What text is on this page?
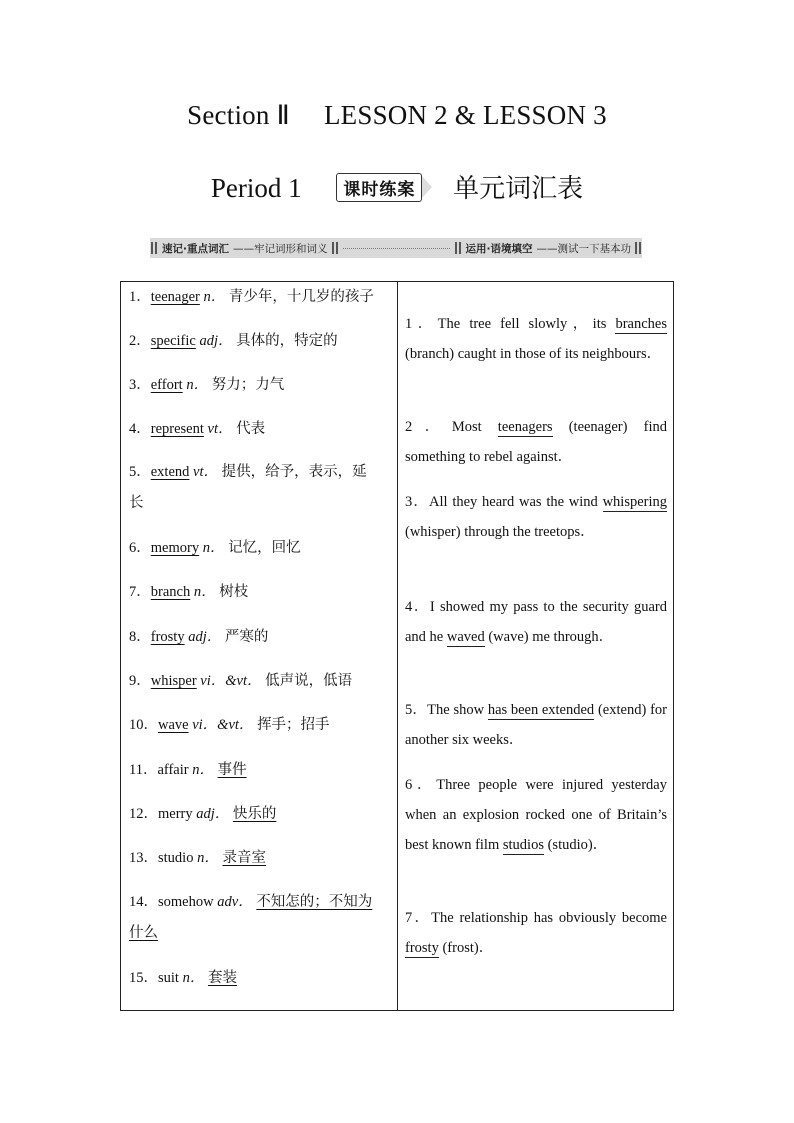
Section Ⅱ LESSON 2 & LESSON 3
Period 1 课时练案 单元词汇表
速记·重点词汇 ——牢记词形和词义	运用·语境填空 ——测试一下基本功
1．teenager n． 青少年，十几岁的孩子
2．specific adj． 具体的，特定的
3．effort n． 努力；力气
4．represent vt． 代表
5．extend vt． 提供，给予，表示，延
长
6．memory n． 记忆，回忆
7．branch n． 树枝
8．frosty adj． 严寒的
9．whisper vi．&vt． 低声说，低语
10．wave vi．&vt． 挥手；招手
11．affair n． 事件
12．merry adj． 快乐的
13．studio n． 录音室
14．somehow adv． 不知怎的；不知为
什么
15．suit n． 套装

1．The tree fell slowly，its branches (branch) caught in those of its neighbours．
2．Most teenagers (teenager) find something to rebel against．
3．All they heard was the wind whispering (whisper) through the treetops．
4．I showed my pass to the security guard and he waved (wave) me through．
5．The show has been extended (extend) for another six weeks．
6．Three people were injured yesterday when an explosion rocked one of Britain’s best known film studios (studio)．
7．The relationship has obviously become frosty (frost)．
